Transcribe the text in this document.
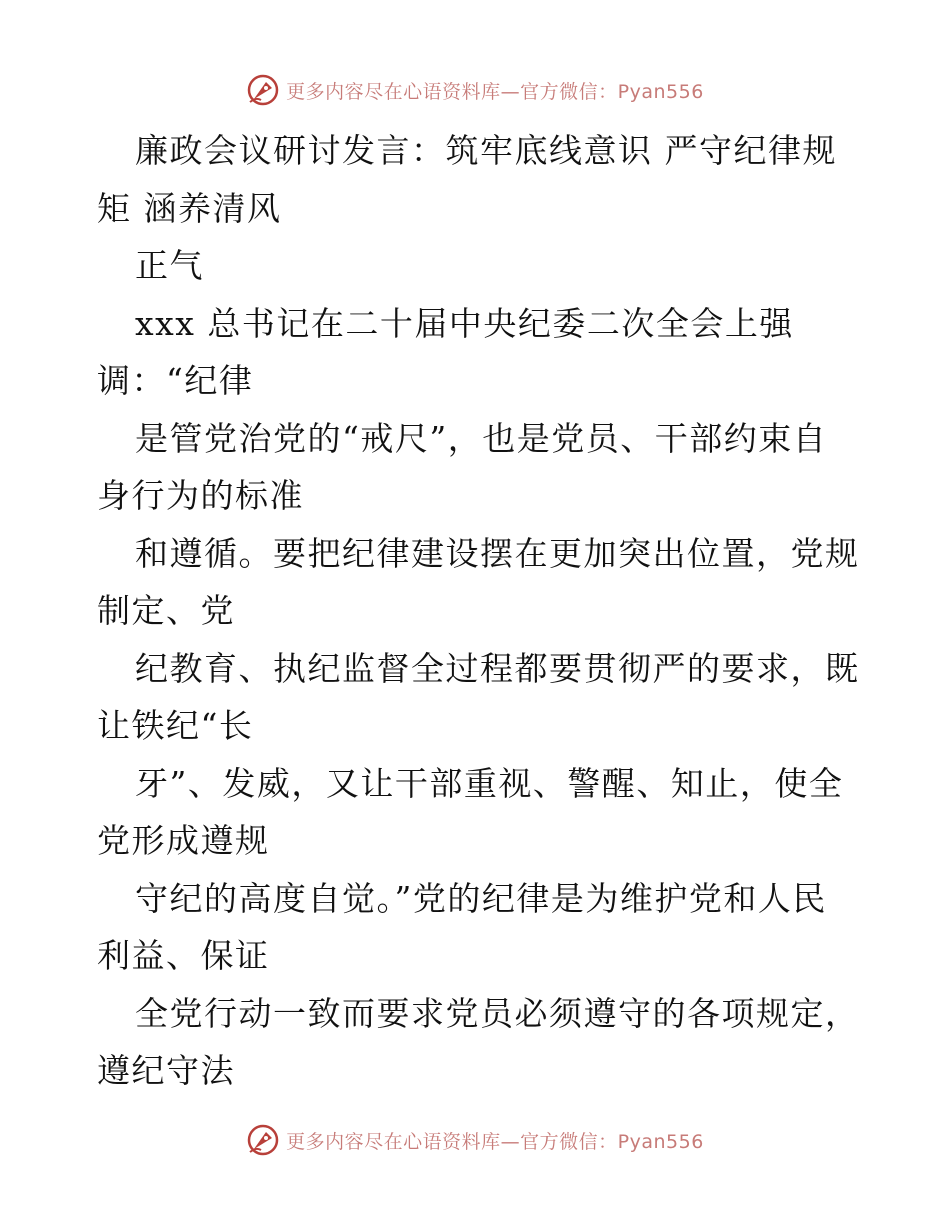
更多内容尽在心语资料库—官方微信：Pyan556
廉政会议研讨发言：筑牢底线意识 严守纪律规
矩 涵养清风
正气
xxx 总书记在二十届中央纪委二次全会上强
调：“纪律
是管党治党的“戒尺”，也是党员、干部约束自
身行为的标准
和遵循。要把纪律建设摆在更加突出位置，党规
制定、党
纪教育、执纪监督全过程都要贯彻严的要求，既
让铁纪“长
牙”、发威，又让干部重视、警醒、知止，使全
党形成遵规
守纪的高度自觉。”党的纪律是为维护党和人民
利益、保证
全党行动一致而要求党员必须遵守的各项规定，
遵纪守法
更多内容尽在心语资料库—官方微信：Pyan556
